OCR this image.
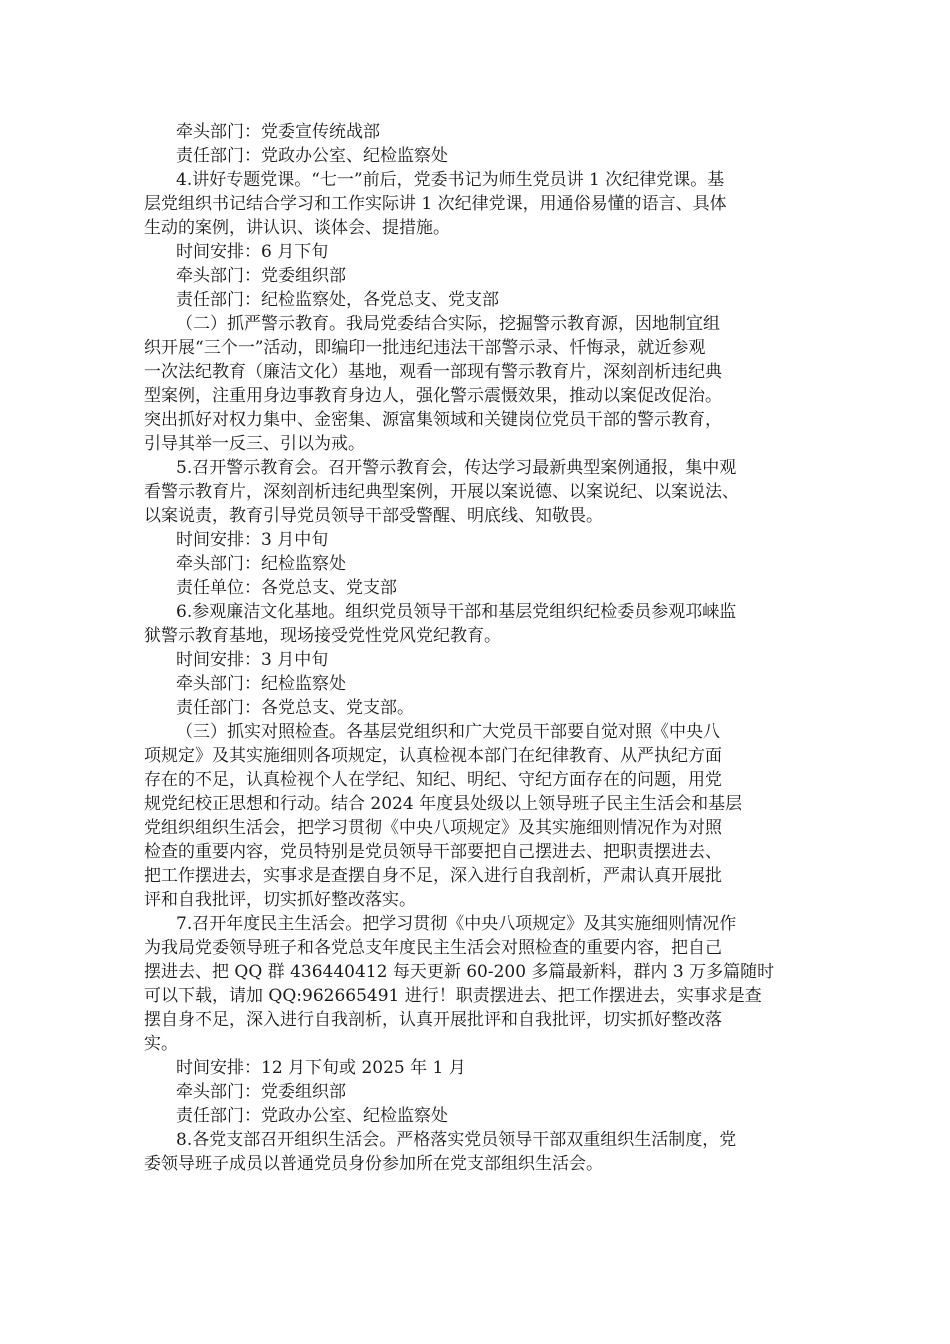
牵头部门：党委宣传统战部
责任部门：党政办公室、纪检监察处
4.讲好专题党课。“七一”前后，党委书记为师生党员讲 1 次纪律党课。基
层党组织书记结合学习和工作实际讲 1 次纪律党课，用通俗易懂的语言、具体
生动的案例，讲认识、谈体会、提措施。
时间安排：6 月下旬
牵头部门：党委组织部
责任部门：纪检监察处，各党总支、党支部
（二）抓严警示教育。我局党委结合实际，挖掘警示教育源，因地制宜组
织开展“三个一”活动，即编印一批违纪违法干部警示录、忏悔录，就近参观
一次法纪教育（廉洁文化）基地，观看一部现有警示教育片，深刻剖析违纪典
型案例，注重用身边事教育身边人，强化警示震慑效果，推动以案促改促治。
突出抓好对权力集中、金密集、源富集领域和关键岗位党员干部的警示教育，
引导其举一反三、引以为戒。
5.召开警示教育会。召开警示教育会，传达学习最新典型案例通报，集中观
看警示教育片，深刻剖析违纪典型案例，开展以案说德、以案说纪、以案说法、
以案说责，教育引导党员领导干部受警醒、明底线、知敬畏。
时间安排：3 月中旬
牵头部门：纪检监察处
责任单位：各党总支、党支部
6.参观廉洁文化基地。组织党员领导干部和基层党组织纪检委员参观邛崃监
狱警示教育基地，现场接受党性党风党纪教育。
时间安排：3 月中旬
牵头部门：纪检监察处
责任部门：各党总支、党支部。
（三）抓实对照检查。各基层党组织和广大党员干部要自觉对照《中央八
项规定》及其实施细则各项规定，认真检视本部门在纪律教育、从严执纪方面
存在的不足，认真检视个人在学纪、知纪、明纪、守纪方面存在的问题，用党
规党纪校正思想和行动。结合 2024 年度县处级以上领导班子民主生活会和基层
党组织组织生活会，把学习贯彻《中央八项规定》及其实施细则情况作为对照
检查的重要内容，党员特别是党员领导干部要把自己摆进去、把职责摆进去、
把工作摆进去，实事求是查摆自身不足，深入进行自我剖析，严肃认真开展批
评和自我批评，切实抓好整改落实。
7.召开年度民主生活会。把学习贯彻《中央八项规定》及其实施细则情况作
为我局党委领导班子和各党总支年度民主生活会对照检查的重要内容，把自己
摆进去、把 QQ 群 436440412 每天更新 60-200 多篇最新料，群内 3 万多篇随时
可以下载，请加 QQ:962665491 进行！职责摆进去、把工作摆进去，实事求是查
摆自身不足，深入进行自我剖析，认真开展批评和自我批评，切实抓好整改落
实。
时间安排：12 月下旬或 2025 年 1 月
牵头部门：党委组织部
责任部门：党政办公室、纪检监察处
8.各党支部召开组织生活会。严格落实党员领导干部双重组织生活制度，党
委领导班子成员以普通党员身份参加所在党支部组织生活会。
